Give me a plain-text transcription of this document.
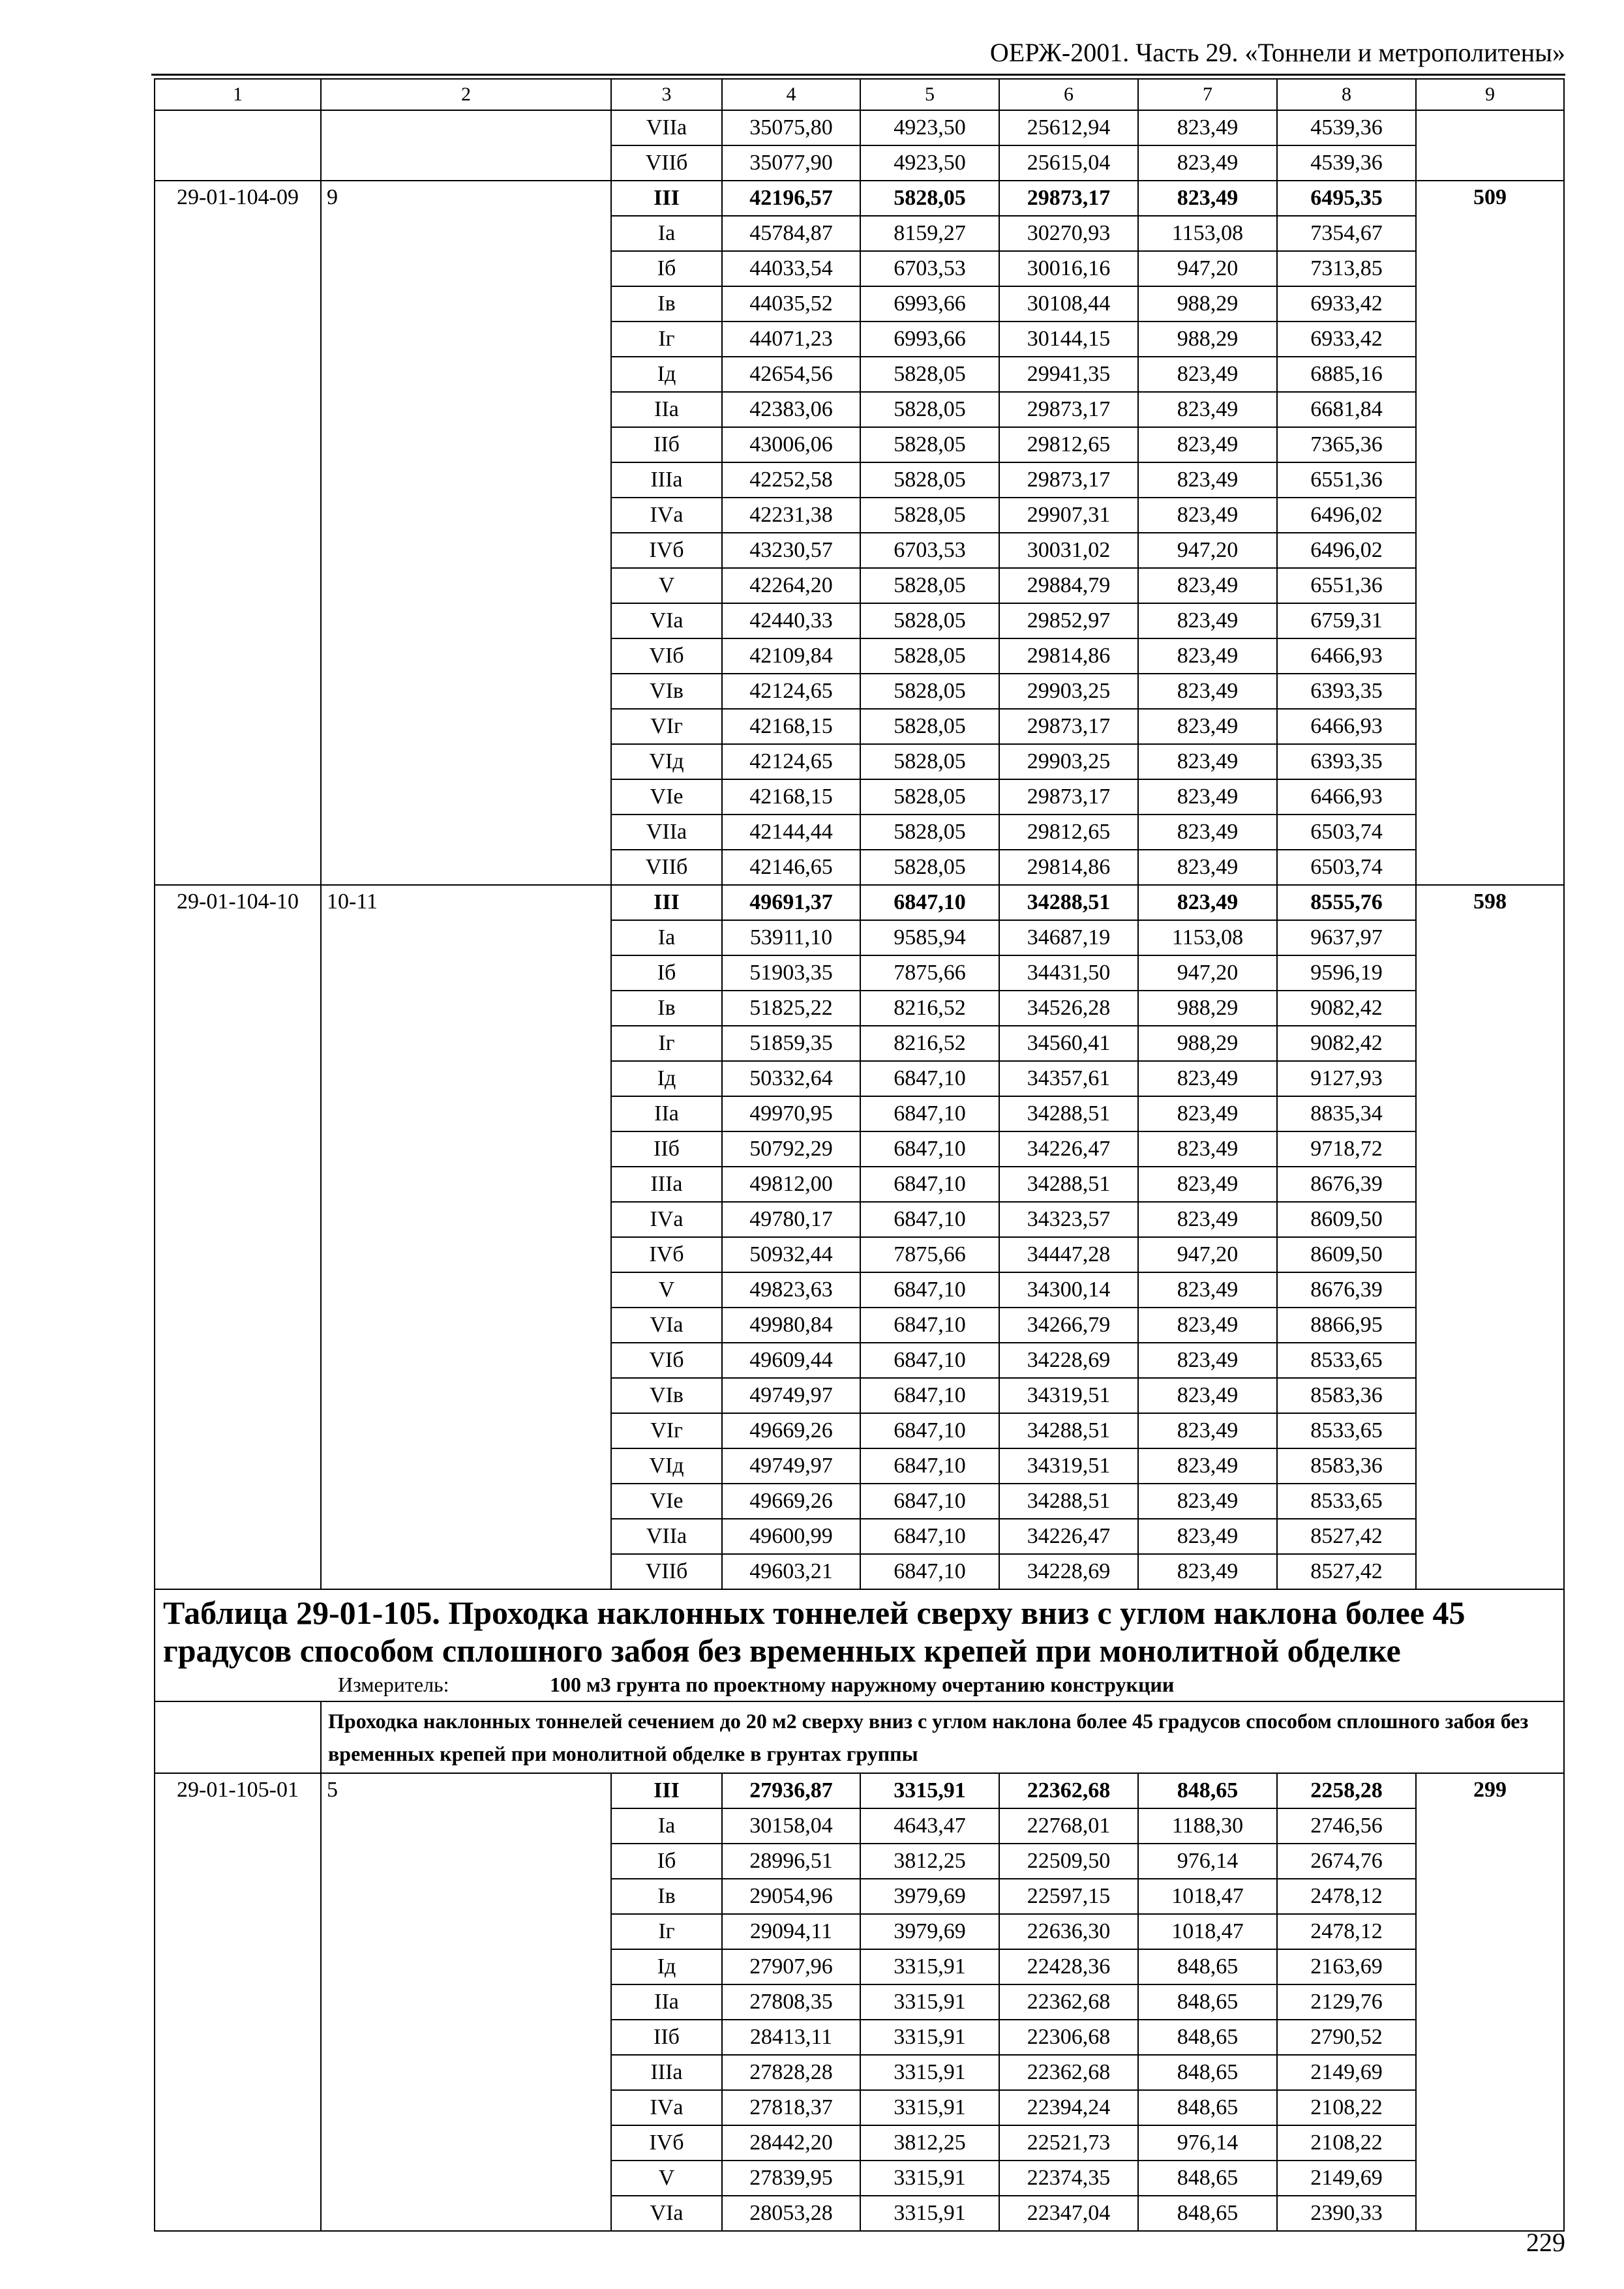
ОЕРЖ-2001. Часть 29. «Тоннели и метрополитены»
1	2	3	4	5	6	7	8	9
		VIIа	35075,80	4923,50	25612,94	823,49	4539,36	
		VIIб	35077,90	4923,50	25615,04	823,49	4539,36	
29-01-104-09	9	III	42196,57	5828,05	29873,17	823,49	6495,35	509
		Iа	45784,87	8159,27	30270,93	1153,08	7354,67	
		Iб	44033,54	6703,53	30016,16	947,20	7313,85	
		Iв	44035,52	6993,66	30108,44	988,29	6933,42	
		Iг	44071,23	6993,66	30144,15	988,29	6933,42	
		Iд	42654,56	5828,05	29941,35	823,49	6885,16	
		IIа	42383,06	5828,05	29873,17	823,49	6681,84	
		IIб	43006,06	5828,05	29812,65	823,49	7365,36	
		IIIа	42252,58	5828,05	29873,17	823,49	6551,36	
		IVа	42231,38	5828,05	29907,31	823,49	6496,02	
		IVб	43230,57	6703,53	30031,02	947,20	6496,02	
		V	42264,20	5828,05	29884,79	823,49	6551,36	
		VIа	42440,33	5828,05	29852,97	823,49	6759,31	
		VIб	42109,84	5828,05	29814,86	823,49	6466,93	
		VIв	42124,65	5828,05	29903,25	823,49	6393,35	
		VIг	42168,15	5828,05	29873,17	823,49	6466,93	
		VIд	42124,65	5828,05	29903,25	823,49	6393,35	
		VIе	42168,15	5828,05	29873,17	823,49	6466,93	
		VIIа	42144,44	5828,05	29812,65	823,49	6503,74	
		VIIб	42146,65	5828,05	29814,86	823,49	6503,74	
29-01-104-10	10-11	III	49691,37	6847,10	34288,51	823,49	8555,76	598
		Iа	53911,10	9585,94	34687,19	1153,08	9637,97	
		Iб	51903,35	7875,66	34431,50	947,20	9596,19	
		Iв	51825,22	8216,52	34526,28	988,29	9082,42	
		Iг	51859,35	8216,52	34560,41	988,29	9082,42	
		Iд	50332,64	6847,10	34357,61	823,49	9127,93	
		IIа	49970,95	6847,10	34288,51	823,49	8835,34	
		IIб	50792,29	6847,10	34226,47	823,49	9718,72	
		IIIа	49812,00	6847,10	34288,51	823,49	8676,39	
		IVа	49780,17	6847,10	34323,57	823,49	8609,50	
		IVб	50932,44	7875,66	34447,28	947,20	8609,50	
		V	49823,63	6847,10	34300,14	823,49	8676,39	
		VIа	49980,84	6847,10	34266,79	823,49	8866,95	
		VIб	49609,44	6847,10	34228,69	823,49	8533,65	
		VIв	49749,97	6847,10	34319,51	823,49	8583,36	
		VIг	49669,26	6847,10	34288,51	823,49	8533,65	
		VIд	49749,97	6847,10	34319,51	823,49	8583,36	
		VIе	49669,26	6847,10	34288,51	823,49	8533,65	
		VIIа	49600,99	6847,10	34226,47	823,49	8527,42	
		VIIб	49603,21	6847,10	34228,69	823,49	8527,42	

Таблица 29-01-105. Проходка наклонных тоннелей сверху вниз с углом наклона более 45 градусов способом сплошного забоя без временных крепей при монолитной обделке
Измеритель: 100 м3 грунта по проектному наружному очертанию конструкции								

	Проходка наклонных тоннелей сечением до 20 м2 сверху вниз с углом наклона более 45 градусов способом сплошного забоя без временных крепей при монолитной обделке в грунтах группы							
29-01-105-01	5	III	27936,87	3315,91	22362,68	848,65	2258,28	299
		Iа	30158,04	4643,47	22768,01	1188,30	2746,56	
		Iб	28996,51	3812,25	22509,50	976,14	2674,76	
		Iв	29054,96	3979,69	22597,15	1018,47	2478,12	
		Iг	29094,11	3979,69	22636,30	1018,47	2478,12	
		Iд	27907,96	3315,91	22428,36	848,65	2163,69	
		IIа	27808,35	3315,91	22362,68	848,65	2129,76	
		IIб	28413,11	3315,91	22306,68	848,65	2790,52	
		IIIа	27828,28	3315,91	22362,68	848,65	2149,69	
		IVа	27818,37	3315,91	22394,24	848,65	2108,22	
		IVб	28442,20	3812,25	22521,73	976,14	2108,22	
		V	27839,95	3315,91	22374,35	848,65	2149,69	
		VIа	28053,28	3315,91	22347,04	848,65	2390,33	
229
